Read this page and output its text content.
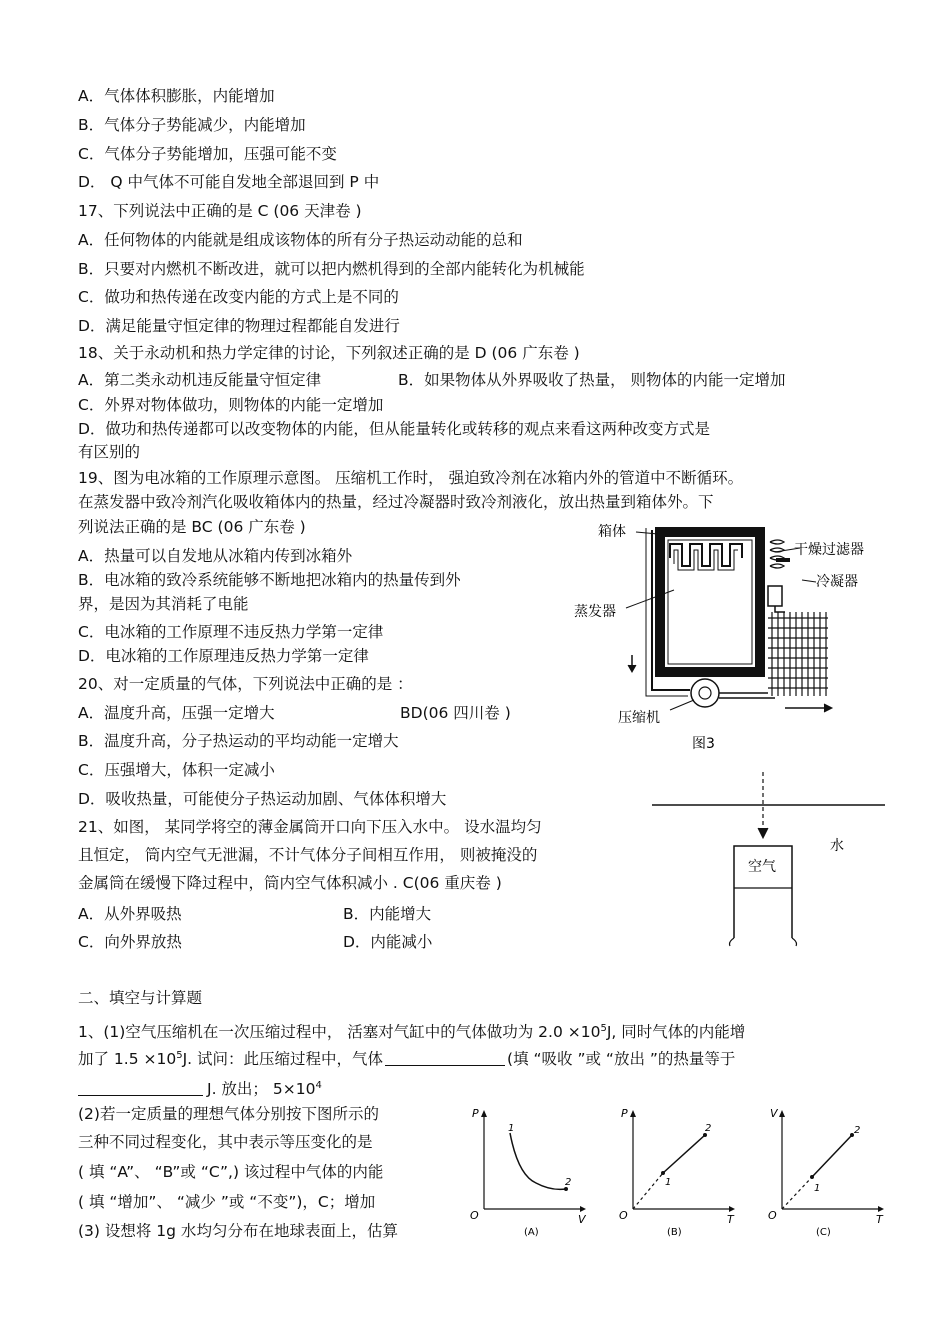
A．气体体积膨胀，内能增加
B．气体分子势能减少，内能增加
C．气体分子势能增加，压强可能不变
D． Q 中气体不可能自发地全部退回到 P 中
17、下列说法中正确的是 C (06 天津卷 )
A．任何物体的内能就是组成该物体的所有分子热运动动能的总和
B．只要对内燃机不断改进，就可以把内燃机得到的全部内能转化为机械能
C．做功和热传递在改变内能的方式上是不同的
D．满足能量守恒定律的物理过程都能自发进行
18、关于永动机和热力学定律的讨论，下列叙述正确的是 D (06 广东卷 )
A．第二类永动机违反能量守恒定律	B．如果物体从外界吸收了热量， 则物体的内能一定增加
C．外界对物体做功，则物体的内能一定增加
D．做功和热传递都可以改变物体的内能，但从能量转化或转移的观点来看这两种改变方式是
有区别的
19、图为电冰箱的工作原理示意图。 压缩机工作时， 强迫致冷剂在冰箱内外的管道中不断循环。
在蒸发器中致冷剂汽化吸收箱体内的热量，经过冷凝器时致冷剂液化，放出热量到箱体外。下
列说法正确的是 BC (06 广东卷 )
A．热量可以自发地从冰箱内传到冰箱外
B．电冰箱的致冷系统能够不断地把冰箱内的热量传到外
界，是因为其消耗了电能
C．电冰箱的工作原理不违反热力学第一定律
D．电冰箱的工作原理违反热力学第一定律
箱体
蒸发器
干燥过滤器
冷凝器
压缩机
图3
20、对一定质量的气体，下列说法中正确的是 ：
A．温度升高，压强一定增大	BD(06 四川卷 )
B．温度升高，分子热运动的平均动能一定增大
C．压强增大，体积一定减小
D．吸收热量，可能使分子热运动加剧、气体体积增大
21、如图， 某同学将空的薄金属筒开口向下压入水中。 设水温均匀
且恒定， 筒内空气无泄漏，不计气体分子间相互作用， 则被掩没的
金属筒在缓慢下降过程中，筒内空气体积减小 . C(06 重庆卷 )
A．从外界吸热	B．内能增大
C．向外界放热	D．内能减小
空气
水
二、填空与计算题
1、(1)空气压缩机在一次压缩过程中， 活塞对气缸中的气体做功为 $2.0 \times 10^5J$, 同时气体的内能增
加了 $1.5 \times 10^5J$. 试问：此压缩过程中，气体	(填 “吸收 ”或 “放出 ”的热量等于
J. 放出； $5\times 10^4$
(2)若一定质量的理想气体分别按下图所示的
三种不同过程变化，其中表示等压变化的是
( 填 “A”、 “B”或 “C”,) 该过程中气体的内能
( 填 “增加”、 “减少 ”或 “不变”)，C；增加
(3) 设想将 1g 水均匀分布在地球表面上，估算
P
V
O
1
2
(A)
P
T
O
1
2
(B)
V
T
O
1
2
(C)
